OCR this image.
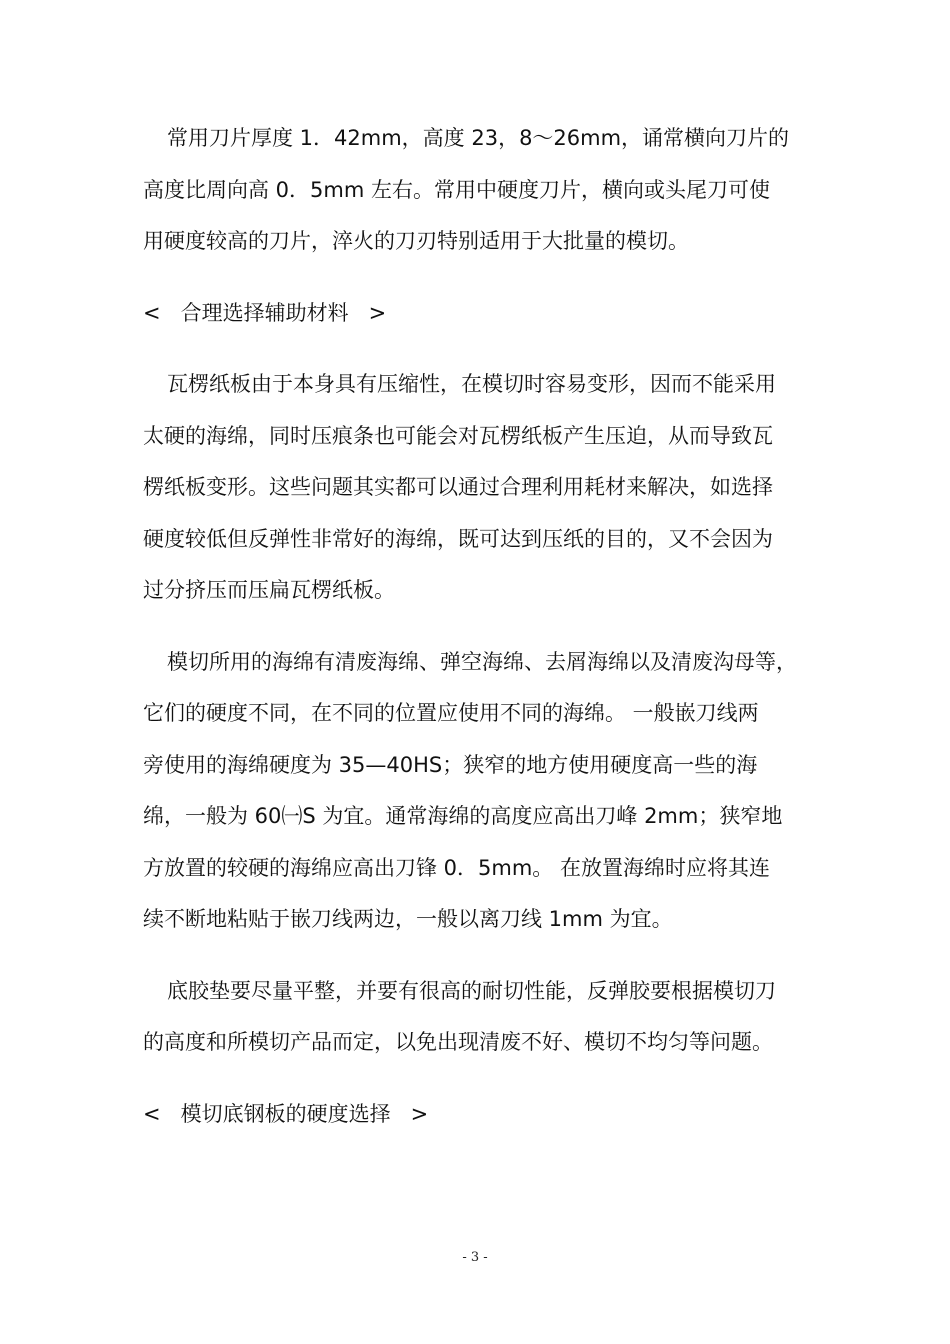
常用刀片厚度 1．42mm，高度 23，8～26mm，诵常横向刀片的
高度比周向高 0．5mm 左右。常用中硬度刀片，横向或头尾刀可使
用硬度较高的刀片，淬火的刀刃特别适用于大批量的模切。
<   合理选择辅助材料   >
瓦楞纸板由于本身具有压缩性，在模切时容易变形，因而不能采用
太硬的海绵，同时压痕条也可能会对瓦楞纸板产生压迫，从而导致瓦
楞纸板变形。这些问题其实都可以通过合理利用耗材来解决，如选择
硬度较低但反弹性非常好的海绵，既可达到压纸的目的，又不会因为
过分挤压而压扁瓦楞纸板。
模切所用的海绵有清废海绵、弹空海绵、去屑海绵以及清废沟母等，
它们的硬度不同，在不同的位置应使用不同的海绵。 一般嵌刀线两
旁使用的海绵硬度为 35—40HS；狭窄的地方使用硬度高一些的海
绵，一般为 60㈠S 为宜。通常海绵的高度应高出刀峰 2mm；狭窄地
方放置的较硬的海绵应高出刀锋 0．5mm。 在放置海绵时应将其连
续不断地粘贴于嵌刀线两边，一般以离刀线 1mm 为宜。
底胶垫要尽量平整，并要有很高的耐切性能，反弹胶要根据模切刀
的高度和所模切产品而定，以免出现清废不好、模切不均匀等问题。
<   模切底钢板的硬度选择   >
- 3 -
